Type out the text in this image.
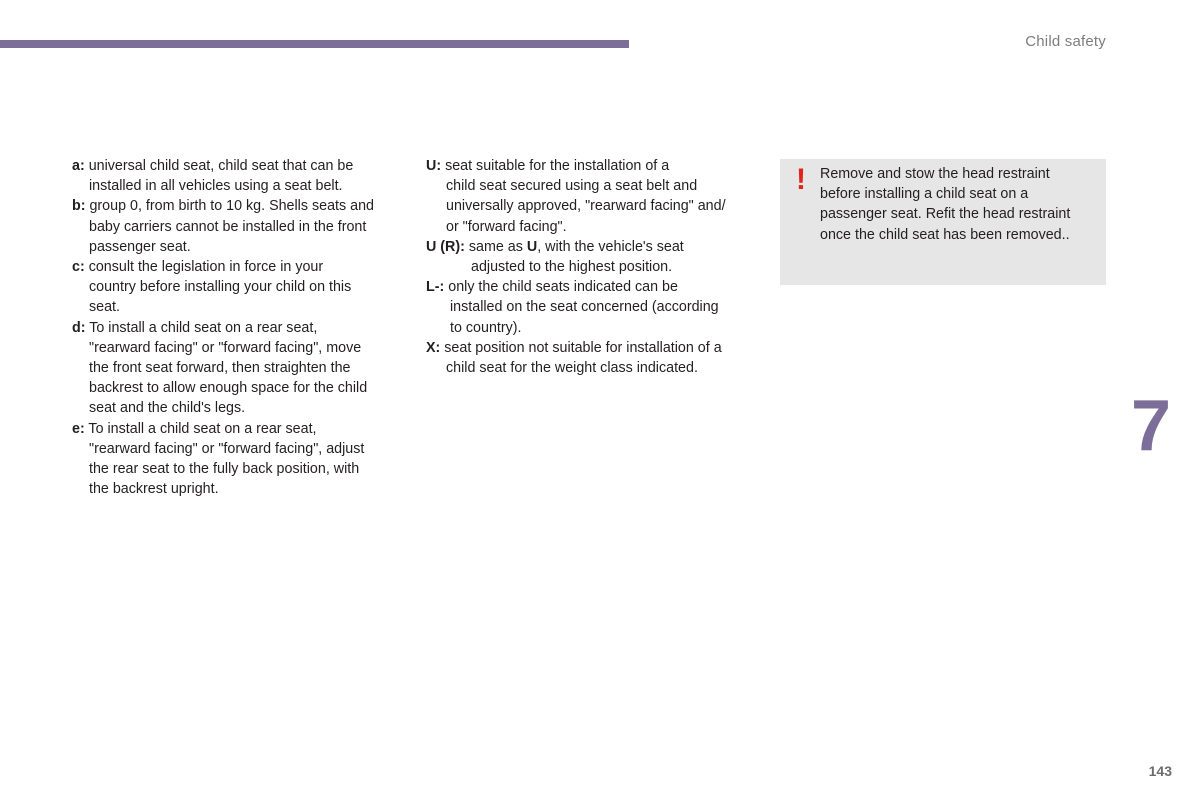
Child safety

a: universal child seat, child seat that can be
installed in all vehicles using a seat belt.

b: group 0, from birth to 10 kg. Shells seats and
baby carriers cannot be installed in the front
passenger seat.

c: consult the legislation in force in your
country before installing your child on this
seat.

d: To install a child seat on a rear seat,
"rearward facing" or "forward facing", move
the front seat forward, then straighten the
backrest to allow enough space for the child
seat and the child's legs.

e: To install a child seat on a rear seat,
"rearward facing" or "forward facing", adjust
the rear seat to the fully back position, with
the backrest upright.

U: seat suitable for the installation of a
child seat secured using a seat belt and
universally approved, "rearward facing" and/
or "forward facing".

U (R): same as U, with the vehicle's seat
adjusted to the highest position.

L-: only the child seats indicated can be
installed on the seat concerned (according
to country).

X: seat position not suitable for installation of a
child seat for the weight class indicated.

! Remove and stow the head restraint
before installing a child seat on a
passenger seat. Refit the head restraint
once the child seat has been removed..
7
143
